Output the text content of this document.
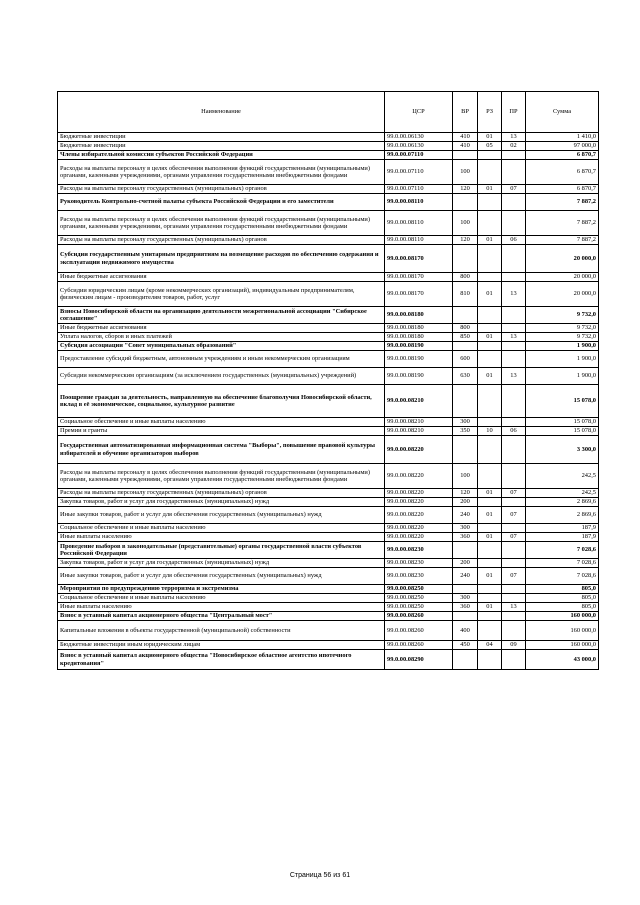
Наименование	ЦСР	ВР	РЗ	ПР	Сумма
Бюджетные инвестиции	99.0.00.06130	410	01	13	1 410,0
Бюджетные инвестиции	99.0.00.06130	410	05	02	97 000,0
Члены избирательной комиссии субъектов Российской Федерации	99.0.00.07110				6 870,7
Расходы на выплаты персоналу в целях обеспечения выполнения функций государственными (муниципальными) органами, казенными учреждениями, органами управления государственными внебюджетными фондами	99.0.00.07110	100			6 870,7
Расходы на выплаты персоналу государственных (муниципальных) органов	99.0.00.07110	120	01	07	6 870,7
Руководитель Контрольно-счетной палаты субъекта Российской Федерации и его заместители	99.0.00.08110				7 887,2
Расходы на выплаты персоналу в целях обеспечения выполнения функций государственными (муниципальными) органами, казенными учреждениями, органами управления государственными внебюджетными фондами	99.0.00.08110	100			7 887,2
Расходы на выплаты персоналу государственных (муниципальных) органов	99.0.00.08110	120	01	06	7 887,2
Субсидии государственным унитарным предприятиям на возмещение расходов по обеспечению содержания и эксплуатации недвижимого имущества	99.0.00.08170				20 000,0
Иные бюджетные ассигнования	99.0.00.08170	800			20 000,0
Субсидии юридическим лицам (кроме некоммерческих организаций), индивидуальным предпринимателям, физическим лицам - производителям товаров, работ, услуг	99.0.00.08170	810	01	13	20 000,0
Взносы Новосибирской области на организацию деятельности межрегиональной ассоциации "Сибирское соглашение"	99.0.00.08180				9 732,0
Иные бюджетные ассигнования	99.0.00.08180	800			9 732,0
Уплата налогов, сборов и иных платежей	99.0.00.08180	850	01	13	9 732,0
Субсидия ассоциации "Совет муниципальных образований"	99.0.00.08190				1 900,0
Предоставление субсидий бюджетным, автономным учреждениям и иным некоммерческим организациям	99.0.00.08190	600			1 900,0
Субсидии некоммерческим организациям (за исключением государственных (муниципальных) учреждений)	99.0.00.08190	630	01	13	1 900,0
Поощрение граждан за деятельность, направленную на обеспечение благополучия Новосибирской области, вклад в её экономическое, социальное, культурное развитие	99.0.00.08210				15 078,0
Социальное обеспечение и иные выплаты населению	99.0.00.08210	300			15 078,0
Премии и гранты	99.0.00.08210	350	10	06	15 078,0
Государственная автоматизированная информационная система "Выборы", повышение правовой культуры избирателей и обучение организаторов выборов	99.0.00.08220				3 300,0
Расходы на выплаты персоналу в целях обеспечения выполнения функций государственными (муниципальными) органами, казенными учреждениями, органами управления государственными внебюджетными фондами	99.0.00.08220	100			242,5
Расходы на выплаты персоналу государственных (муниципальных) органов	99.0.00.08220	120	01	07	242,5
Закупка товаров, работ и услуг для государственных (муниципальных) нужд	99.0.00.08220	200			2 869,6
Иные закупки товаров, работ и услуг для обеспечения государственных (муниципальных) нужд	99.0.00.08220	240	01	07	2 869,6
Социальное обеспечение и иные выплаты населению	99.0.00.08220	300			187,9
Иные выплаты населению	99.0.00.08220	360	01	07	187,9
Проведение выборов в законодательные (представительные) органы государственной власти субъектов Российской Федерации	99.0.00.08230				7 028,6
Закупка товаров, работ и услуг для государственных (муниципальных) нужд	99.0.00.08230	200			7 028,6
Иные закупки товаров, работ и услуг для обеспечения государственных (муниципальных) нужд	99.0.00.08230	240	01	07	7 028,6
Мероприятия по предупреждению терроризма и экстремизма	99.0.00.08250				805,0
Социальное обеспечение и иные выплаты населению	99.0.00.08250	300			805,0
Иные выплаты населению	99.0.00.08250	360	01	13	805,0
Взнос в уставный капитал акционерного общества "Центральный мост"	99.0.00.08260				160 000,0
Капитальные вложения в объекты государственной (муниципальной) собственности	99.0.00.08260	400			160 000,0
Бюджетные инвестиции иным юридическим лицам	99.0.00.08260	450	04	09	160 000,0
Взнос в уставный капитал акционерного общества "Новосибирское областное агентство ипотечного кредитования"	99.0.00.08290				43 000,0
Страница 56 из 61
